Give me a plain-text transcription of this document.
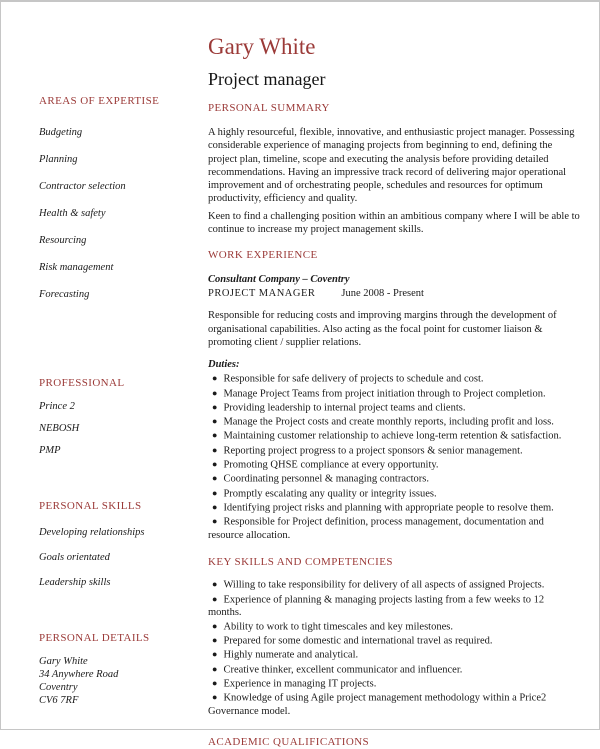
AREAS OF EXPERTISE
Budgeting
Planning
Contractor selection
Health & safety
Resourcing
Risk management
Forecasting
PROFESSIONAL
Prince 2
NEBOSH
PMP
PERSONAL SKILLS
Developing relationships
Goals orientated
Leadership skills
PERSONAL DETAILS
Gary White
34 Anywhere Road
Coventry
CV6 7RF
Gary White
Project manager
PERSONAL SUMMARY

A highly resourceful, flexible, innovative, and enthusiastic project manager. Possessing considerable experience of managing projects from beginning to end, defining the project plan, timeline, scope and executing the analysis before providing detailed recommendations. Having an impressive track record of delivering major operational improvement and of orchestrating people, schedules and resources for optimum productivity, efficiency and quality.

Keen to find a challenging position within an ambitious company where I will be able to continue to increase my project management skills.

WORK EXPERIENCE
Consultant Company – Coventry
PROJECT MANAGER June 2008 - Present

Responsible for reducing costs and improving margins through the development of organisational capabilities. Also acting as the focal point for customer liaison & promoting client / supplier relations.

Duties:
● Responsible for safe delivery of projects to schedule and cost.
● Manage Project Teams from project initiation through to Project completion.
● Providing leadership to internal project teams and clients.
● Manage the Project costs and create monthly reports, including profit and loss.
● Maintaining customer relationship to achieve long-term retention & satisfaction.
● Reporting project progress to a project sponsors & senior management.
● Promoting QHSE compliance at every opportunity.
● Coordinating personnel & managing contractors.
● Promptly escalating any quality or integrity issues.
● Identifying project risks and planning with appropriate people to resolve them.
● Responsible for Project definition, process management, documentation and resource allocation.
KEY SKILLS AND COMPETENCIES
● Willing to take responsibility for delivery of all aspects of assigned Projects.
● Experience of planning & managing projects lasting from a few weeks to 12 months.
● Ability to work to tight timescales and key milestones.
● Prepared for some domestic and international travel as required.
● Highly numerate and analytical.
● Creative thinker, excellent communicator and influencer.
● Experience in managing IT projects.
● Knowledge of using Agile project management methodology within a Price2 Governance model.
ACADEMIC QUALIFICATIONS
